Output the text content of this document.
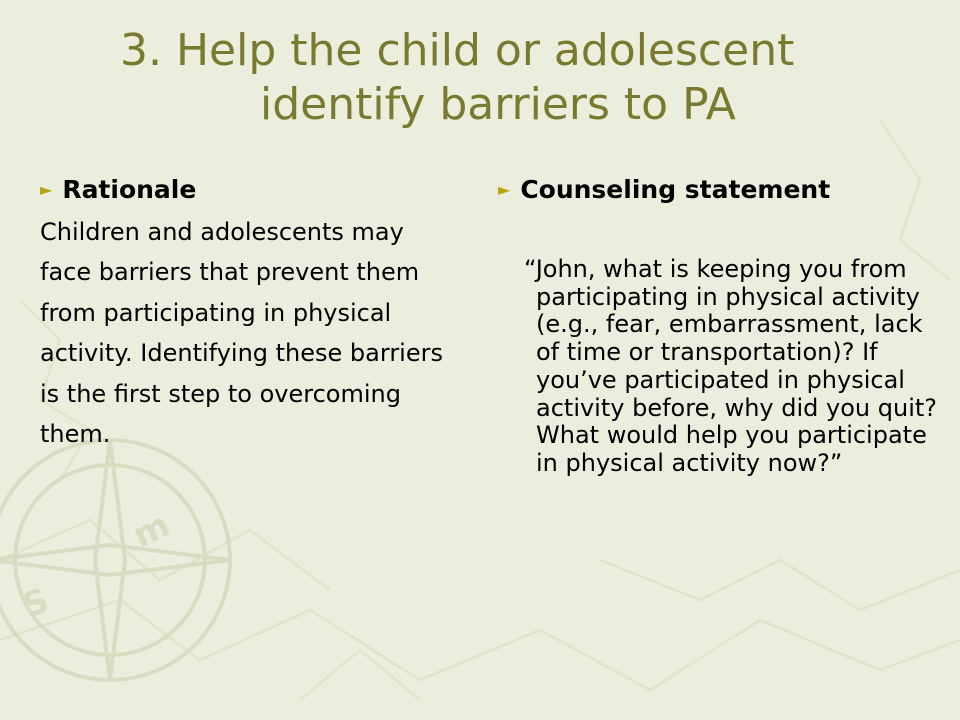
S
m
3. Help the child or adolescent
identify barriers to PA
► Rationale
Children and adolescents may face barriers that prevent them from participating in physical activity. Identifying these barriers is the first step to overcoming them.
► Counseling statement
“John, what is keeping you from participating in physical activity (e.g., fear, embarrassment, lack of time or transportation)? If you’ve participated in physical activity before, why did you quit? What would help you participate in physical activity now?”
